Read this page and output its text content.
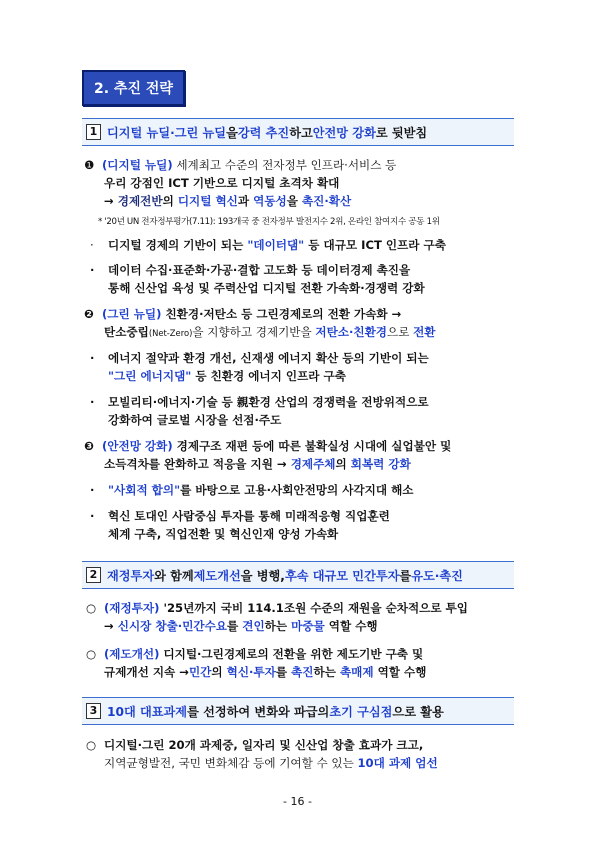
2. 추진 전략
1 디지털 뉴딜·그린 뉴딜 을 강력 추진 하고 안전망 강화 로 뒷받침
❶ (디지털 뉴딜) 세계최고 수준의 전자정부 인프라·서비스 등
우리 강점인 ICT 기반으로 디지털 초격차 확대
→ 경제전반의 디지털 혁신과 역동성을 촉진·확산
* '20년 UN 전자정부평가(7.11): 193개국 중 전자정부 발전지수 2위, 온라인 참여지수 공동 1위
· 디지털 경제의 기반이 되는 "데이터댐" 등 대규모 ICT 인프라 구축
· 데이터 수집·표준화·가공·결합 고도화 등 데이터경제 촉진을
통해 신산업 육성 및 주력산업 디지털 전환 가속화·경쟁력 강화
❷ (그린 뉴딜) 친환경·저탄소 등 그린경제로의 전환 가속화 →
탄소중립(Net-Zero)을 지향하고 경제기반을 저탄소·친환경으로 전환
· 에너지 절약과 환경 개선, 신재생 에너지 확산 등의 기반이 되는
"그린 에너지댐" 등 친환경 에너지 인프라 구축
· 모빌리티·에너지·기술 등 親환경 산업의 경쟁력을 전방위적으로
강화하여 글로벌 시장을 선점·주도
❸ (안전망 강화) 경제구조 재편 등에 따른 불확실성 시대에 실업불안 및
소득격차를 완화하고 적응을 지원 → 경제주체의 회복력 강화
· "사회적 합의"를 바탕으로 고용·사회안전망의 사각지대 해소
· 혁신 토대인 사람중심 투자를 통해 미래적응형 직업훈련
체계 구축, 직업전환 및 혁신인재 양성 가속화
2 재정투자 와 함께 제도개선 을 병행, 후속 대규모 민간투자 를 유도·촉진
○ (재정투자) '25년까지 국비 114.1조원 수준의 재원을 순차적으로 투입
→ 신시장 창출·민간수요를 견인하는 마중물 역할 수행
○ (제도개선) 디지털·그린경제로의 전환을 위한 제도기반 구축 및
규제개선 지속 →민간의 혁신·투자를 촉진하는 촉매제 역할 수행
3 10대 대표과제 를 선정하여 변화와 파급의 초기 구심점 으로 활용
○ 디지털·그린 20개 과제중, 일자리 및 신산업 창출 효과가 크고,
지역균형발전, 국민 변화체감 등에 기여할 수 있는 10대 과제 엄선
- 16 -
